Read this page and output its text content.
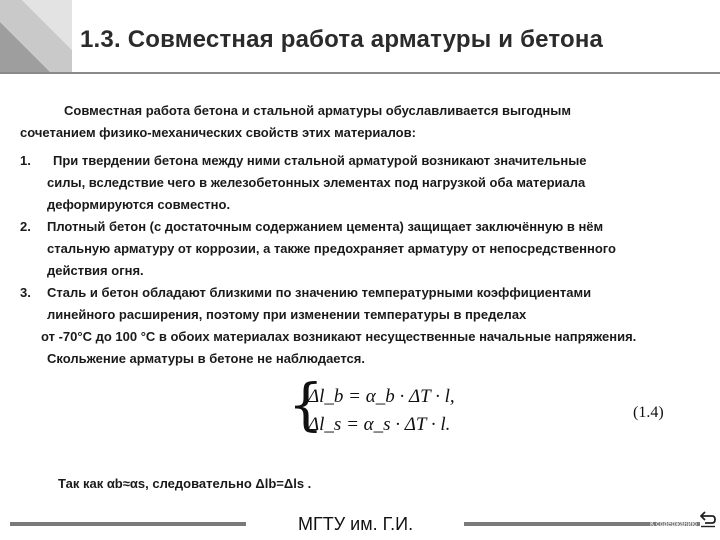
1.3. Совместная работа арматуры и бетона
Совместная работа бетона и стальной арматуры обуславливается выгодным
сочетанием физико-механических свойств этих материалов:
1. При твердении бетона между ними стальной арматурой возникают значительные
силы, вследствие чего в железобетонных элементах под нагрузкой оба материала
деформируются совместно.
2. Плотный бетон (с достаточным содержанием цемента) защищает заключённую в нём
стальную арматуру от коррозии, а также предохраняет арматуру от непосредственного
действия огня.
3. Сталь и бетон обладают близкими по значению температурными коэффициентами
линейного расширения, поэтому при изменении температуры в пределах
от -70°С до 100 °С в обоих материалах возникают несущественные начальные напряжения.
Скольжение арматуры в бетоне не наблюдается.
{
Δl_b = α_b · ΔT · l,
Δl_s = α_s · ΔT · l.
(1.4)
Так как αb≈αs, следовательно Δlb=Δls .
МГТУ им. Г.И.	К содержанию
